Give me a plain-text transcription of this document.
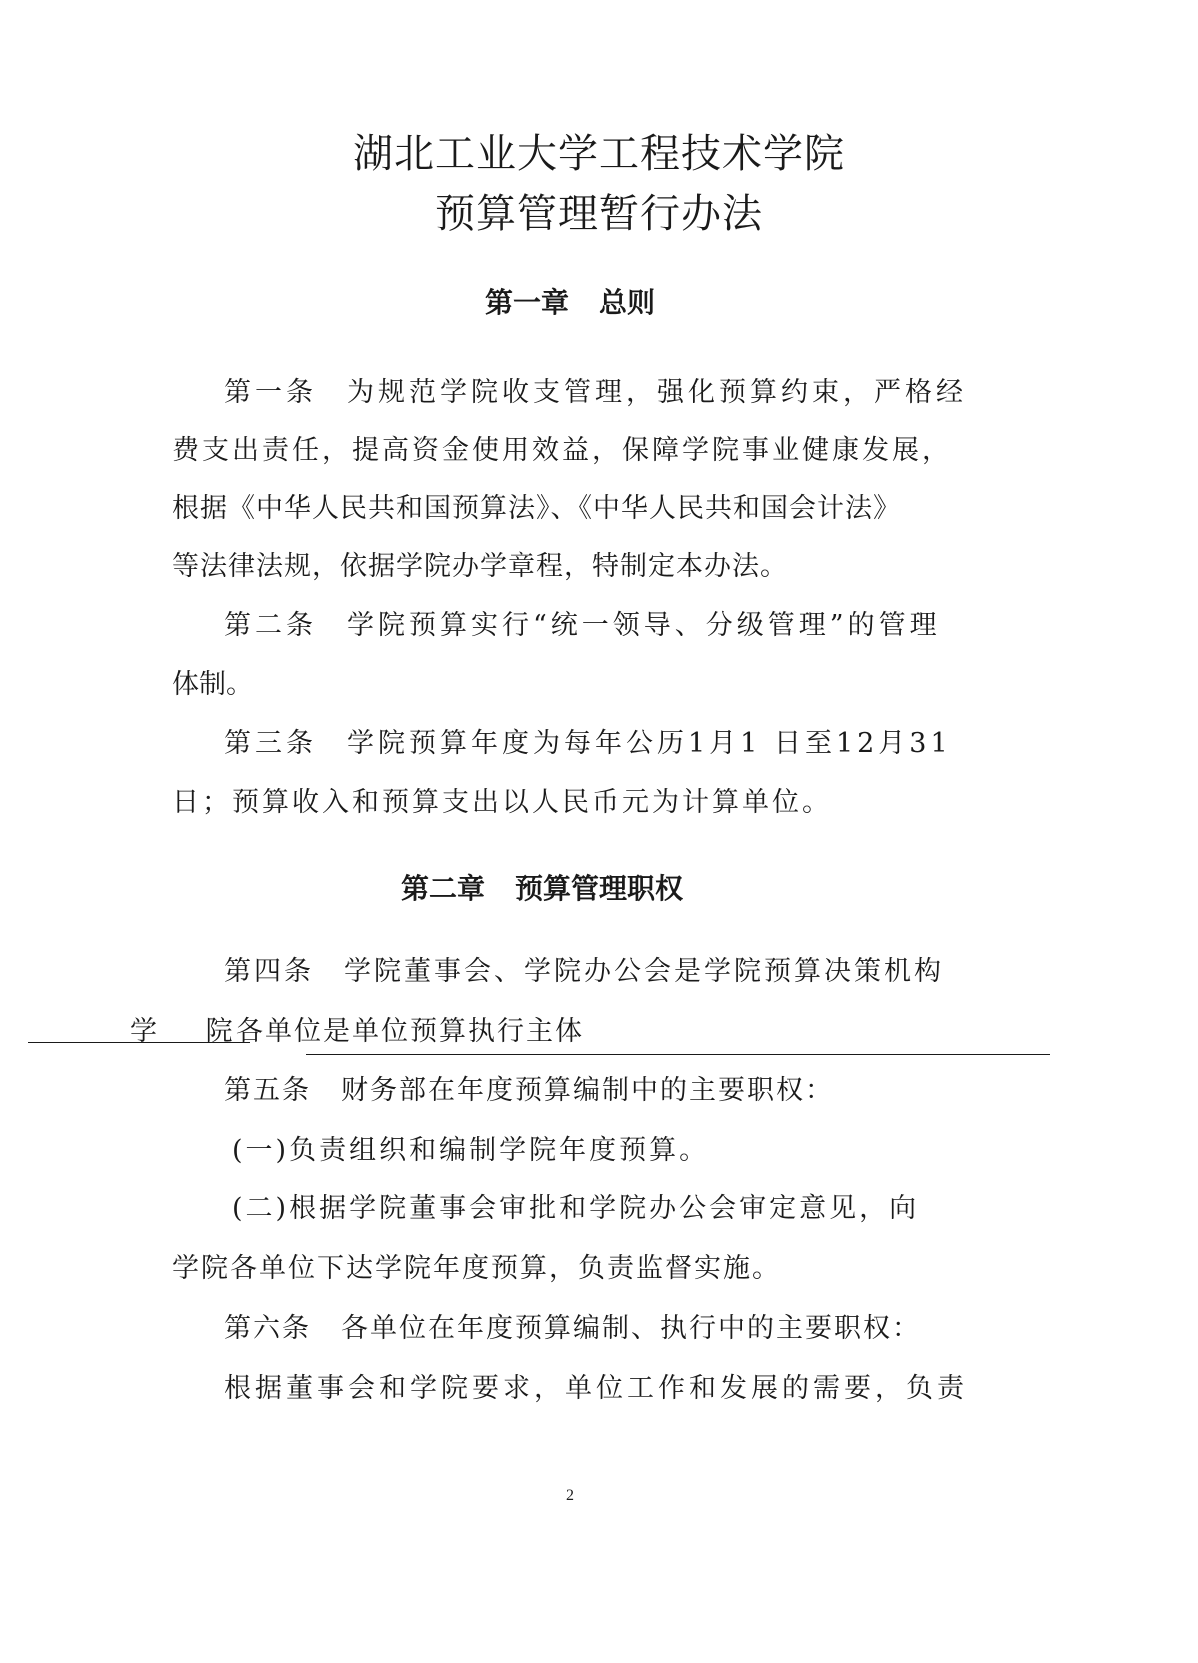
湖北工业大学工程技术学院
预算管理暂行办法
第一章 总则
第一条 为规范学院收支管理，强化预算约束，严格经
费支出责任，提高资金使用效益，保障学院事业健康发展，
根据《中华人民共和国预算法》、《中华人民共和国会计法》
等法律法规，依据学院办学章程，特制定本办法。
第二条 学院预算实行“统一领导、分级管理”的管理
体制。
第三条 学院预算年度为每年公历1月1 日至12月31
日；预算收入和预算支出以人民币元为计算单位。
第二章 预算管理职权
第四条 学院董事会、学院办公会是学院预算决策机构
学 院
各单位是单位预算执行主体
第五条 财务部在年度预算编制中的主要职权：
(一)负责组织和编制学院年度预算。
(二)根据学院董事会审批和学院办公会审定意见，向
学院各单位下达学院年度预算，负责监督实施。
第六条 各单位在年度预算编制、执行中的主要职权：
根据董事会和学院要求，单位工作和发展的需要，负责
2
